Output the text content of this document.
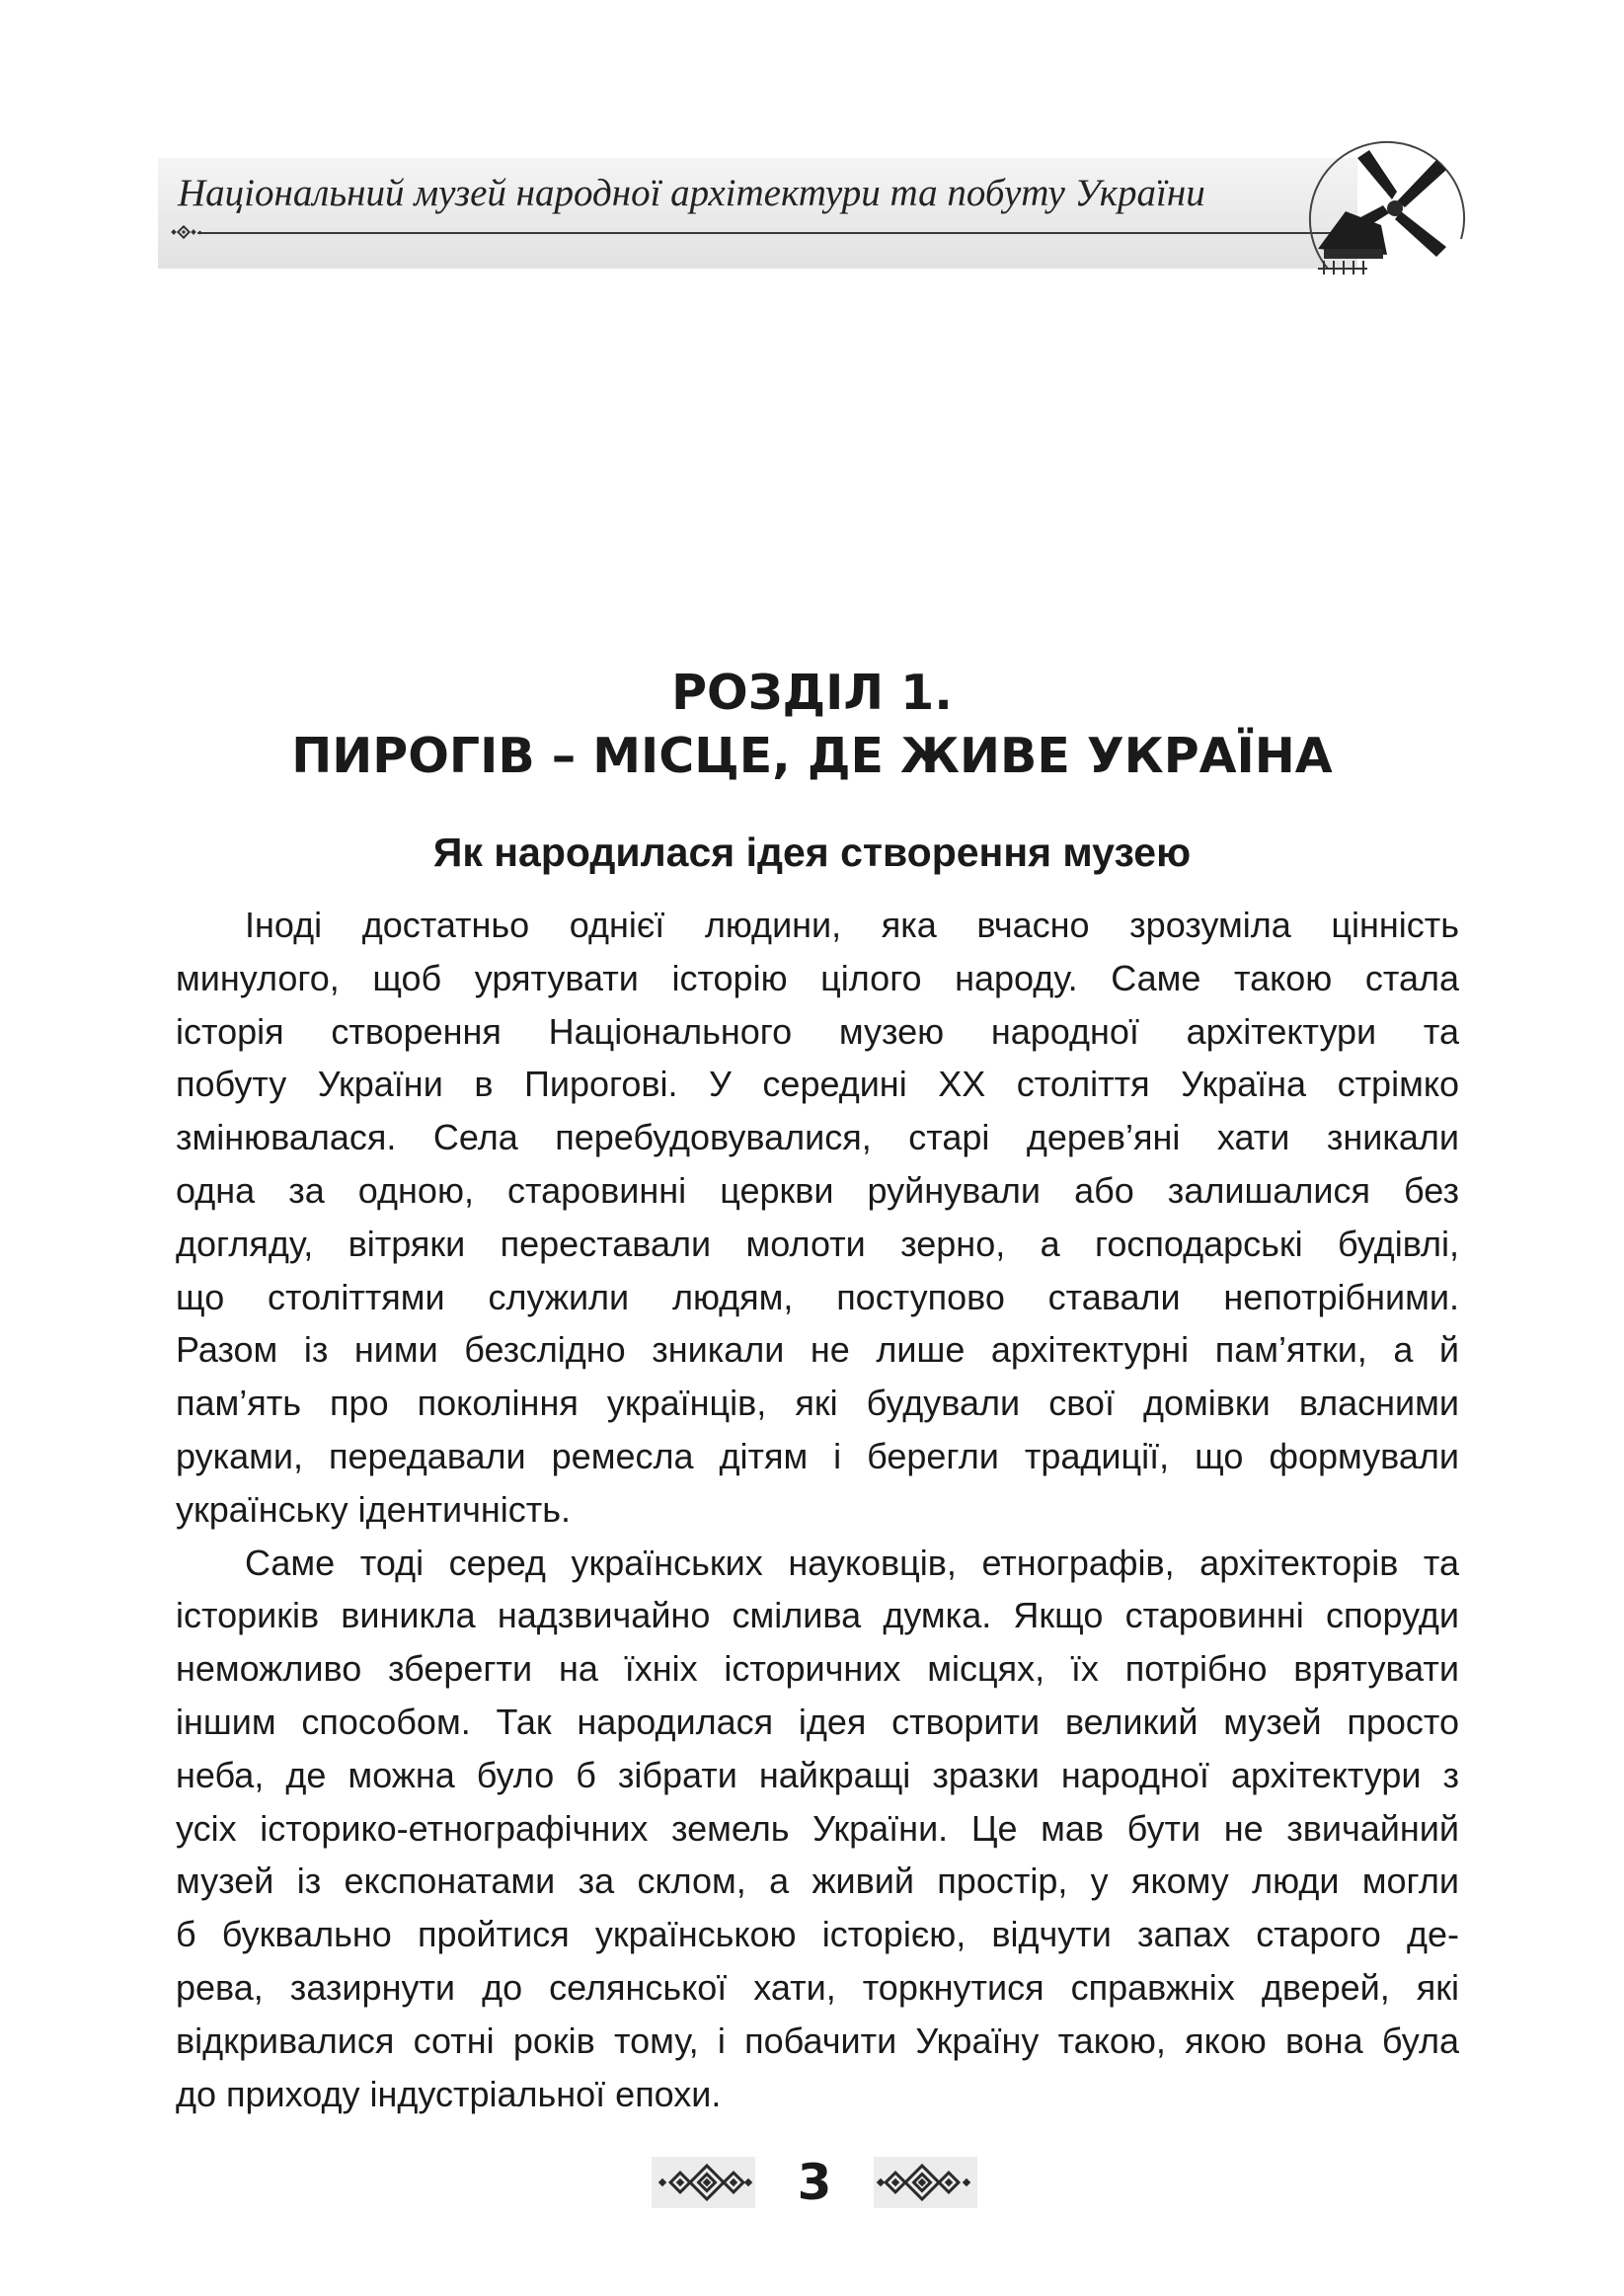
Національний музей народної архітектури та побуту України
РОЗДІЛ 1.
ПИРОГІВ – МІСЦЕ, ДЕ ЖИВЕ УКРАЇНА
Як народилася ідея створення музею
Іноді достатньо однієї людини, яка вчасно зрозуміла цінність
минулого, щоб урятувати історію цілого народу. Саме такою стала
історія створення Національного музею народної архітектури та
побуту України в Пирогові. У середині XX століття Україна стрімко
змінювалася. Села перебудовувалися, старі дерев’яні хати зникали
одна за одною, старовинні церкви руйнували або залишалися без
догляду, вітряки переставали молоти зерно, а господарські будівлі,
що століттями служили людям, поступово ставали непотрібними.
Разом із ними безслідно зникали не лише архітектурні пам’ятки, а й
пам’ять про покоління українців, які будували свої домівки власними
руками, передавали ремесла дітям і берегли традиції, що формували
українську ідентичність.
Саме тоді серед українських науковців, етнографів, архітекторів та
істориків виникла надзвичайно смілива думка. Якщо старовинні споруди
неможливо зберегти на їхніх історичних місцях, їх потрібно врятувати
іншим способом. Так народилася ідея створити великий музей просто
неба, де можна було б зібрати найкращі зразки народної архітектури з
усіх історико-етнографічних земель України. Це мав бути не звичайний
музей із експонатами за склом, а живий простір, у якому люди могли
б буквально пройтися українською історією, відчути запах старого де-
рева, зазирнути до селянської хати, торкнутися справжніх дверей, які
відкривалися сотні років тому, і побачити Україну такою, якою вона була
до приходу індустріальної епохи.
3
